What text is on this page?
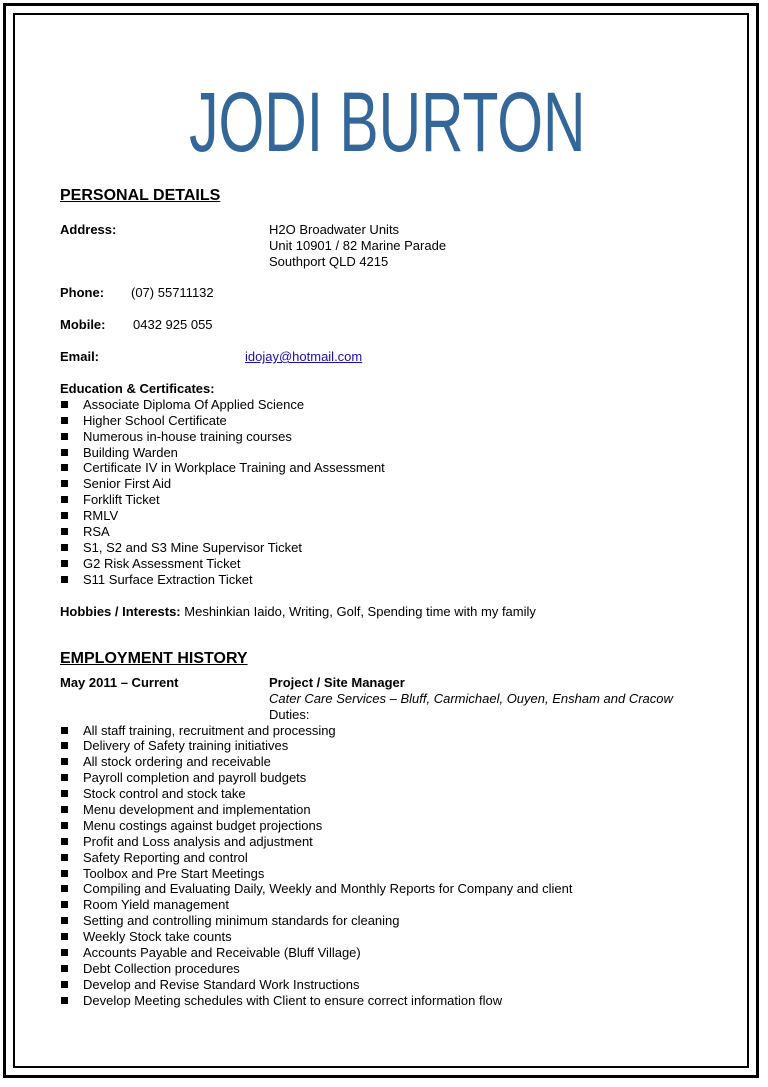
JODI BURTON
PERSONAL DETAILS
Address:	H2O Broadwater Units
Unit 10901 / 82 Marine Parade
Southport QLD 4215
Phone: (07) 55711132
Mobile: 0432 925 055
Email:	idojay@hotmail.com
Education & Certificates:
Associate Diploma Of Applied Science
Higher School Certificate
Numerous in-house training courses
Building Warden
Certificate IV in Workplace Training and Assessment
Senior First Aid
Forklift Ticket
RMLV
RSA
S1, S2 and S3 Mine Supervisor Ticket
G2 Risk Assessment Ticket
S11 Surface Extraction Ticket
Hobbies / Interests: Meshinkian Iaido, Writing, Golf, Spending time with my family
EMPLOYMENT HISTORY
May 2011 – Current	Project / Site Manager
Cater Care Services – Bluff, Carmichael, Ouyen, Ensham and Cracow
Duties:
All staff training, recruitment and processing
Delivery of Safety training initiatives
All stock ordering and receivable
Payroll completion and payroll budgets
Stock control and stock take
Menu development and implementation
Menu costings against budget projections
Profit and Loss analysis and adjustment
Safety Reporting and control
Toolbox and Pre Start Meetings
Compiling and Evaluating Daily, Weekly and Monthly Reports for Company and client
Room Yield management
Setting and controlling minimum standards for cleaning
Weekly Stock take counts
Accounts Payable and Receivable (Bluff Village)
Debt Collection procedures
Develop and Revise Standard Work Instructions
Develop Meeting schedules with Client to ensure correct information flow
